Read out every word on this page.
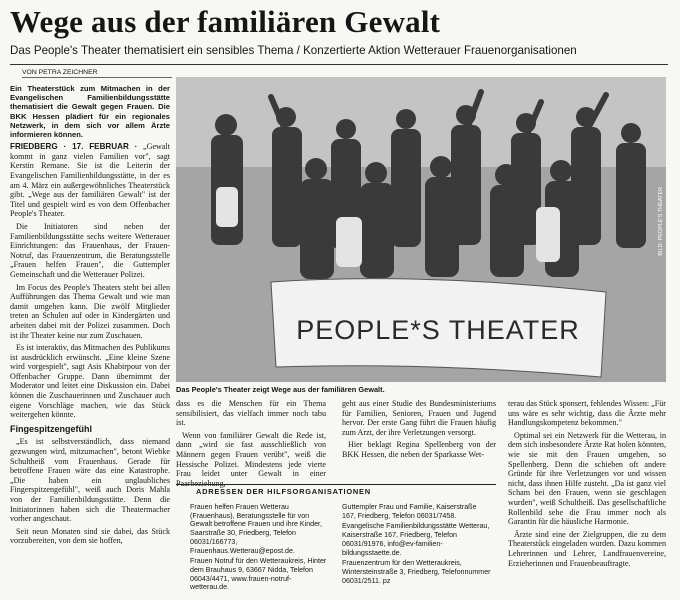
Wege aus der familiären Gewalt
Das People's Theater thematisiert ein sensibles Thema / Konzertierte Aktion Wetterauer Frauenorganisationen
VON PETRA ZEICHNER

Ein Theaterstück zum Mitmachen in der Evangelischen Familienbildungsstätte thematisiert die Gewalt gegen Frauen. Die BKK Hessen plädiert für ein regionales Netzwerk, in dem sich vor allem Ärzte informieren können.

FRIEDBERG · 17. FEBRUAR · „Gewalt kommt in ganz vielen Familien vor", sagt Kerstin Remane. Sie ist die Leiterin der Evangelischen Familienbildungsstätte, in der es am 4. März ein außergewöhnliches Theaterstück gibt. „Wege aus der familiären Gewalt" ist der Titel und gespielt wird es von dem Offenbacher People's Theater.

Die Initiatoren sind neben der Familienbildungsstätte sechs weitere Wetterauer Einrichtungen: das Frauenhaus, der Frauen-Notruf, das Frauenzentrum, die Beratungsstelle „Frauen helfen Frauen", die Guttempler Gemeinschaft und die Wetterauer Polizei.

Im Focus des People's Theaters steht bei allen Aufführungen das Thema Gewalt und wie man damit umgehen kann. Die zwölf Mitglieder treten an Schulen auf oder in Kindergärten und arbeiten dabei mit der Polizei zusammen. Doch ist ihr Theater keine nur zum Zuschauen.

Es ist interaktiv, das Mitmachen des Publikums ist ausdrücklich erwünscht. „Eine kleine Szene wird vorgespielt", sagt Asis Khabirpour von der Offenbacher Gruppe. Dann übernimmt der Moderator und leitet eine Diskussion ein. Dabei können die Zuschauerinnen und Zuschauer auch eigene Vorschläge machen, wie das Stück weitergehen könnte.

Fingespitzengefühl

„Es ist selbstverständlich, dass niemand gezwungen wird, mitzumachen", betont Wiebke Schultheiß vom Frauenhaus. Gerade für betroffene Frauen wäre das eine Katastrophe. „Die haben ein unglaubliches Fingerspitzengefühl", weiß auch Doris Mahla von der Familienbildungsstätte. Denn die Initiatorinnen haben sich die Theatermacher vorher angeschaut.

Seit neun Monaten sind sie dabei, das Stück vorzubereiten, von dem sie hoffen,

PEOPLE*S THEATER
BILD: PEOPLE'S THEATER
Das People's Theater zeigt Wege aus der familiären Gewalt.

dass es die Menschen für ein Thema sensibilisiert, das vielfach immer noch tabu ist.

Wenn von familiärer Gewalt die Rede ist, dann „wird sie fast ausschließlich von Männern gegen Frauen verübt", weiß die Hessische Polizei. Mindestens jede vierte Frau leidet unter Gewalt in einer Paarbeziehung,

geht aus einer Studie des Bundesministeriums für Familien, Senioren, Frauen und Jugend hervor. Der erste Gang führt die Frauen häufig zum Arzt, der ihre Verletzungen versorgt.

Hier beklagt Regina Spellenberg von der BKK Hessen, die neben der Sparkasse Wet-

terau das Stück sponsert, fehlendes Wissen: „Für uns wäre es sehr wichtig, dass die Ärzte mehr Handlungskompetenz bekommen."

Optimal sei ein Netzwerk für die Wetterau, in dem sich insbesondere Ärzte Rat holen könnten, wie sie mit den Frauen umgehen, so Spellenberg. Denn die schieben oft andere Gründe für ihre Verletzungen vor und wissen nicht, dass ihnen Hilfe zusteht. „Da ist ganz viel Scham bei den Frauen, wenn sie geschlagen wurden", weiß Schultheiß. Das gesellschaftliche Rollenbild sehe die Frau immer noch als Garantin für die häusliche Harmonie.

Ärzte sind eine der Zielgruppen, die zu dem Theaterstück eingeladen wurden. Dazu kommen Lehrerinnen und Lehrer, Landfrauenvereine, Erzieherinnen und Frauenbeauftragte.

ADRESSEN DER HILFSORGANISATIONEN

Frauen helfen Frauen Wetterau (Frauenhaus), Beratungsstelle für von Gewalt betroffene Frauen und ihre Kinder, Saarstraße 30, Friedberg, Telefon 06031/166773, Frauenhaus.Wetterau@epost.de.

Frauen Notruf für den Wetteraukreis, Hinter dem Brauhaus 9, 63667 Nidda, Telefon 06043/4471, www.frauen-notruf-wetterau.de.

Guttempler Frau und Familie, Kaiserstraße 167, Friedberg, Telefon 06031/7458.

Evangelische Familienbildungsstätte Wetterau, Kaiserstraße 167, Friedberg, Telefon 06031/91976, info@ev-familien-bildungsstaette.de.

Frauenzentrum für den Wetteraukreis, Wintersteinstraße 3, Friedberg, Telefonnummer 06031/2511. pz
